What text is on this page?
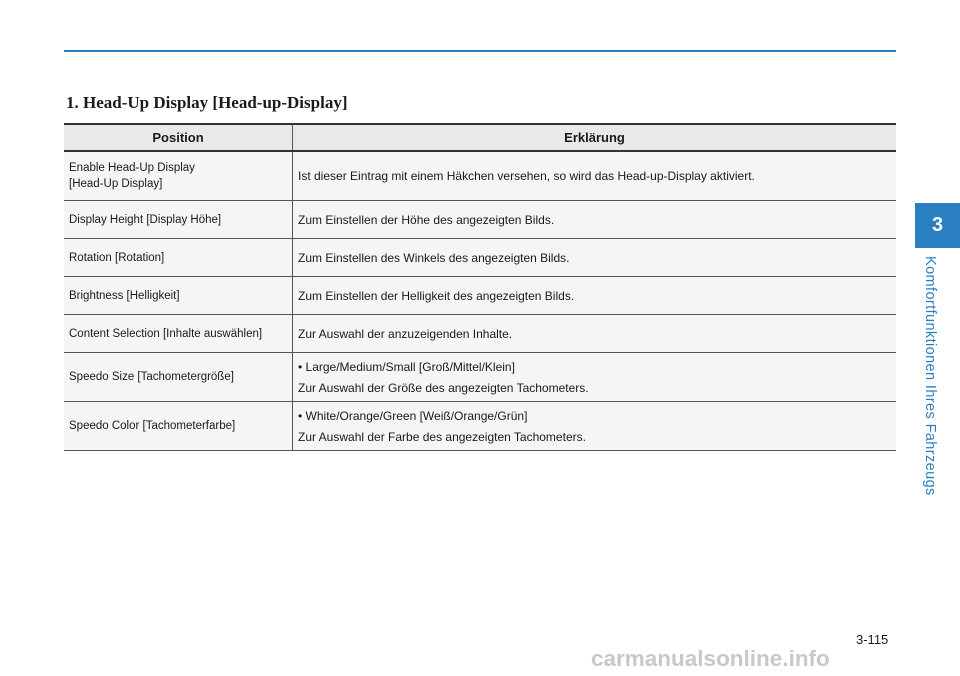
1. Head-Up Display [Head-up-Display]
Position	Erklärung

Enable Head-Up Display
[Head-Up Display]	Ist dieser Eintrag mit einem Häkchen versehen, so wird das Head-up-Display aktiviert.

Display Height [Display Höhe]	Zum Einstellen der Höhe des angezeigten Bilds.

Rotation [Rotation]	Zum Einstellen des Winkels des angezeigten Bilds.

Brightness [Helligkeit]	Zum Einstellen der Helligkeit des angezeigten Bilds.

Content Selection [Inhalte auswählen]	Zur Auswahl der anzuzeigenden Inhalte.

Speedo Size [Tachometergröße]	• Large/Medium/Small [Groß/Mittel/Klein]
Zur Auswahl der Größe des angezeigten Tachometers.

Speedo Color [Tachometerfarbe]	• White/Orange/Green [Weiß/Orange/Grün]
Zur Auswahl der Farbe des angezeigten Tachometers.
3
Komfortfunktionen Ihres Fahrzeugs
3-115
carmanualsonline.info
